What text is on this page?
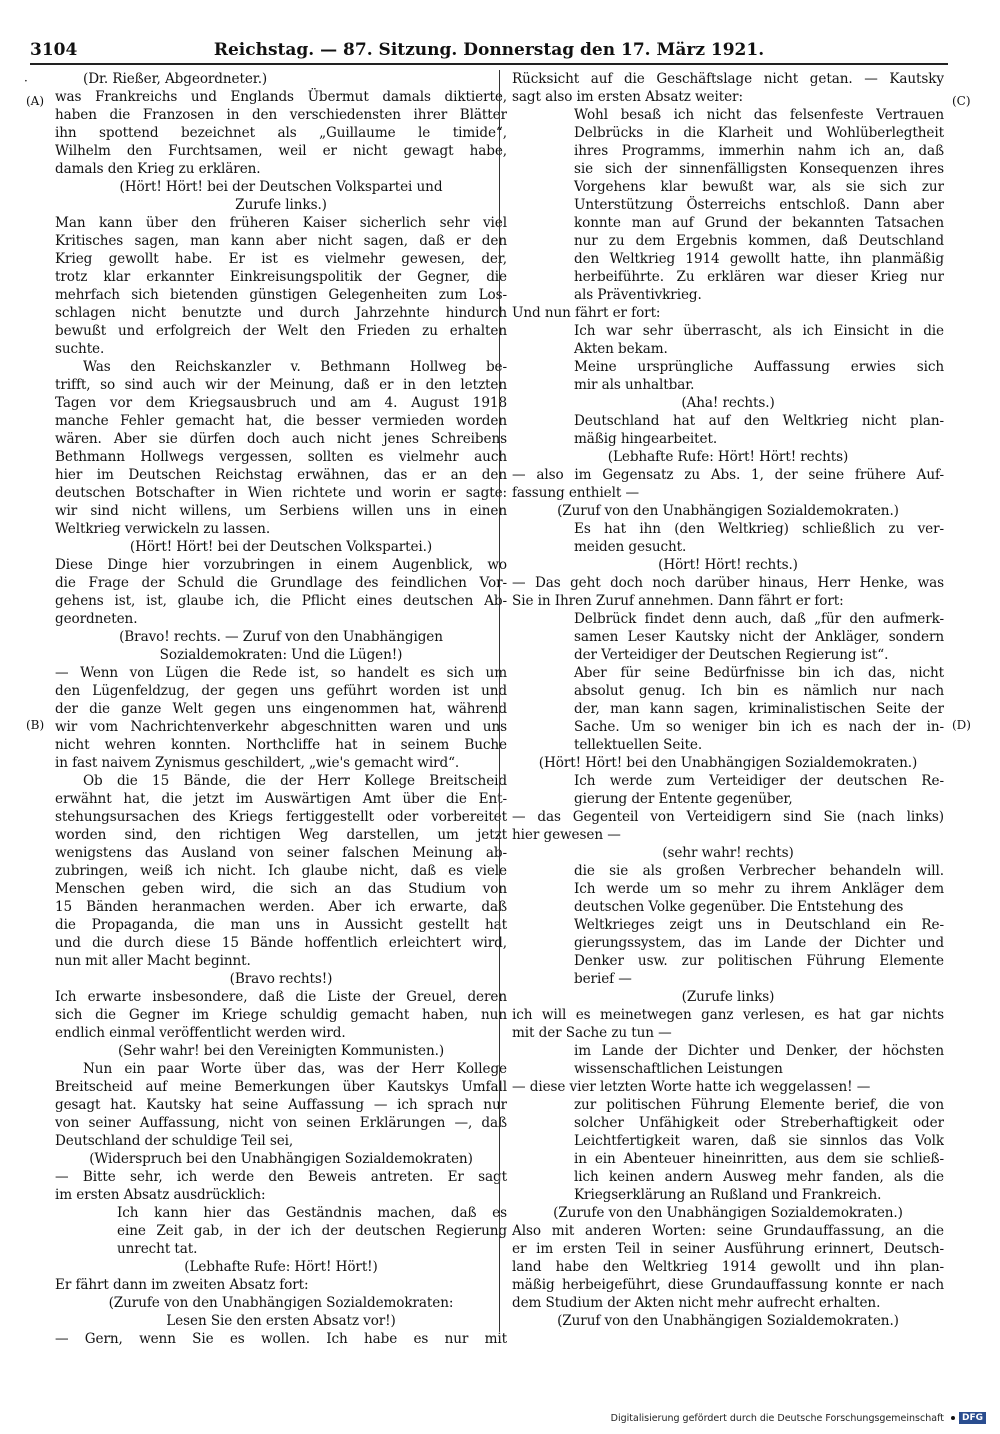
3104	Reichstag. — 87. Sitzung. Donnerstag den 17. März 1921.
·
(A)
(B)
(C)
(D)
(Dr. Rießer, Abgeordneter.)
was Frankreichs und Englands Übermut damals diktierte,
haben die Franzosen in den verschiedensten ihrer Blätter
ihn spottend bezeichnet als „Guillaume le timide“,
Wilhelm den Furchtsamen, weil er nicht gewagt habe,
damals den Krieg zu erklären.
(Hört! Hört! bei der Deutschen Volkspartei und
Zurufe links.)
Man kann über den früheren Kaiser sicherlich sehr viel
Kritisches sagen, man kann aber nicht sagen, daß er den
Krieg gewollt habe. Er ist es vielmehr gewesen, der,
trotz klar erkannter Einkreisungspolitik der Gegner, die
mehrfach sich bietenden günstigen Gelegenheiten zum Los-
schlagen nicht benutzte und durch Jahrzehnte hindurch
bewußt und erfolgreich der Welt den Frieden zu erhalten
suchte.
Was den Reichskanzler v. Bethmann Hollweg be-
trifft, so sind auch wir der Meinung, daß er in den letzten
Tagen vor dem Kriegsausbruch und am 4. August 1918
manche Fehler gemacht hat, die besser vermieden worden
wären. Aber sie dürfen doch auch nicht jenes Schreibens
Bethmann Hollwegs vergessen, sollten es vielmehr auch
hier im Deutschen Reichstag erwähnen, das er an den
deutschen Botschafter in Wien richtete und worin er sagte:
wir sind nicht willens, um Serbiens willen uns in einen
Weltkrieg verwickeln zu lassen.
(Hört! Hört! bei der Deutschen Volkspartei.)
Diese Dinge hier vorzubringen in einem Augenblick, wo
die Frage der Schuld die Grundlage des feindlichen Vor-
gehens ist, ist, glaube ich, die Pflicht eines deutschen Ab-
geordneten.
(Bravo! rechts. — Zuruf von den Unabhängigen
Sozialdemokraten: Und die Lügen!)
— Wenn von Lügen die Rede ist, so handelt es sich um
den Lügenfeldzug, der gegen uns geführt worden ist und
der die ganze Welt gegen uns eingenommen hat, während
wir vom Nachrichtenverkehr abgeschnitten waren und uns
nicht wehren konnten. Northcliffe hat in seinem Buche
in fast naivem Zynismus geschildert, „wie's gemacht wird“.
Ob die 15 Bände, die der Herr Kollege Breitscheid
erwähnt hat, die jetzt im Auswärtigen Amt über die Ent-
stehungsursachen des Kriegs fertiggestellt oder vorbereitet
worden sind, den richtigen Weg darstellen, um jetzt
wenigstens das Ausland von seiner falschen Meinung ab-
zubringen, weiß ich nicht. Ich glaube nicht, daß es viele
Menschen geben wird, die sich an das Studium von
15 Bänden heranmachen werden. Aber ich erwarte, daß
die Propaganda, die man uns in Aussicht gestellt hat
und die durch diese 15 Bände hoffentlich erleichtert wird,
nun mit aller Macht beginnt.
(Bravo rechts!)
Ich erwarte insbesondere, daß die Liste der Greuel, deren
sich die Gegner im Kriege schuldig gemacht haben, nun
endlich einmal veröffentlicht werden wird.
(Sehr wahr! bei den Vereinigten Kommunisten.)
Nun ein paar Worte über das, was der Herr Kollege
Breitscheid auf meine Bemerkungen über Kautskys Umfall
gesagt hat. Kautsky hat seine Auffassung — ich sprach nur
von seiner Auffassung, nicht von seinen Erklärungen —, daß
Deutschland der schuldige Teil sei,
(Widerspruch bei den Unabhängigen Sozialdemokraten)
— Bitte sehr, ich werde den Beweis antreten. Er sagt
im ersten Absatz ausdrücklich:
Ich kann hier das Geständnis machen, daß es
eine Zeit gab, in der ich der deutschen Regierung
unrecht tat.
(Lebhafte Rufe: Hört! Hört!)
Er fährt dann im zweiten Absatz fort:
(Zurufe von den Unabhängigen Sozialdemokraten:
Lesen Sie den ersten Absatz vor!)
— Gern, wenn Sie es wollen. Ich habe es nur mit
Rücksicht auf die Geschäftslage nicht getan. — Kautsky
sagt also im ersten Absatz weiter:
Wohl besaß ich nicht das felsenfeste Vertrauen
Delbrücks in die Klarheit und Wohlüberlegtheit
ihres Programms, immerhin nahm ich an, daß
sie sich der sinnenfälligsten Konsequenzen ihres
Vorgehens klar bewußt war, als sie sich zur
Unterstützung Österreichs entschloß. Dann aber
konnte man auf Grund der bekannten Tatsachen
nur zu dem Ergebnis kommen, daß Deutschland
den Weltkrieg 1914 gewollt hatte, ihn planmäßig
herbeiführte. Zu erklären war dieser Krieg nur
als Präventivkrieg.
Und nun fährt er fort:
Ich war sehr überrascht, als ich Einsicht in die
Akten bekam.
Meine ursprüngliche Auffassung erwies sich
mir als unhaltbar.
(Aha! rechts.)
Deutschland hat auf den Weltkrieg nicht plan-
mäßig hingearbeitet.
(Lebhafte Rufe: Hört! Hört! rechts)
— also im Gegensatz zu Abs. 1, der seine frühere Auf-
fassung enthielt —
(Zuruf von den Unabhängigen Sozialdemokraten.)
Es hat ihn (den Weltkrieg) schließlich zu ver-
meiden gesucht.
(Hört! Hört! rechts.)
— Das geht doch noch darüber hinaus, Herr Henke, was
Sie in Ihren Zuruf annehmen. Dann fährt er fort:
Delbrück findet denn auch, daß „für den aufmerk-
samen Leser Kautsky nicht der Ankläger, sondern
der Verteidiger der Deutschen Regierung ist“.
Aber für seine Bedürfnisse bin ich das, nicht
absolut genug. Ich bin es nämlich nur nach
der, man kann sagen, kriminalistischen Seite der
Sache. Um so weniger bin ich es nach der in-
tellektuellen Seite.
(Hört! Hört! bei den Unabhängigen Sozialdemokraten.)
Ich werde zum Verteidiger der deutschen Re-
gierung der Entente gegenüber,
— das Gegenteil von Verteidigern sind Sie (nach links)
hier gewesen —
(sehr wahr! rechts)
die sie als großen Verbrecher behandeln will.
Ich werde um so mehr zu ihrem Ankläger dem
deutschen Volke gegenüber. Die Entstehung des
Weltkrieges zeigt uns in Deutschland ein Re-
gierungssystem, das im Lande der Dichter und
Denker usw. zur politischen Führung Elemente
berief —
(Zurufe links)
ich will es meinetwegen ganz verlesen, es hat gar nichts
mit der Sache zu tun —
im Lande der Dichter und Denker, der höchsten
wissenschaftlichen Leistungen
— diese vier letzten Worte hatte ich weggelassen! —
zur politischen Führung Elemente berief, die von
solcher Unfähigkeit oder Streberhaftigkeit oder
Leichtfertigkeit waren, daß sie sinnlos das Volk
in ein Abenteuer hineinritten, aus dem sie schließ-
lich keinen andern Ausweg mehr fanden, als die
Kriegserklärung an Rußland und Frankreich.
(Zurufe von den Unabhängigen Sozialdemokraten.)
Also mit anderen Worten: seine Grundauffassung, an die
er im ersten Teil in seiner Ausführung erinnert, Deutsch-
land habe den Weltkrieg 1914 gewollt und ihn plan-
mäßig herbeigeführt, diese Grundauffassung konnte er nach
dem Studium der Akten nicht mehr aufrecht erhalten.
(Zuruf von den Unabhängigen Sozialdemokraten.)
Digitalisierung gefördert durch die Deutsche Forschungsgemeinschaft	DFG
